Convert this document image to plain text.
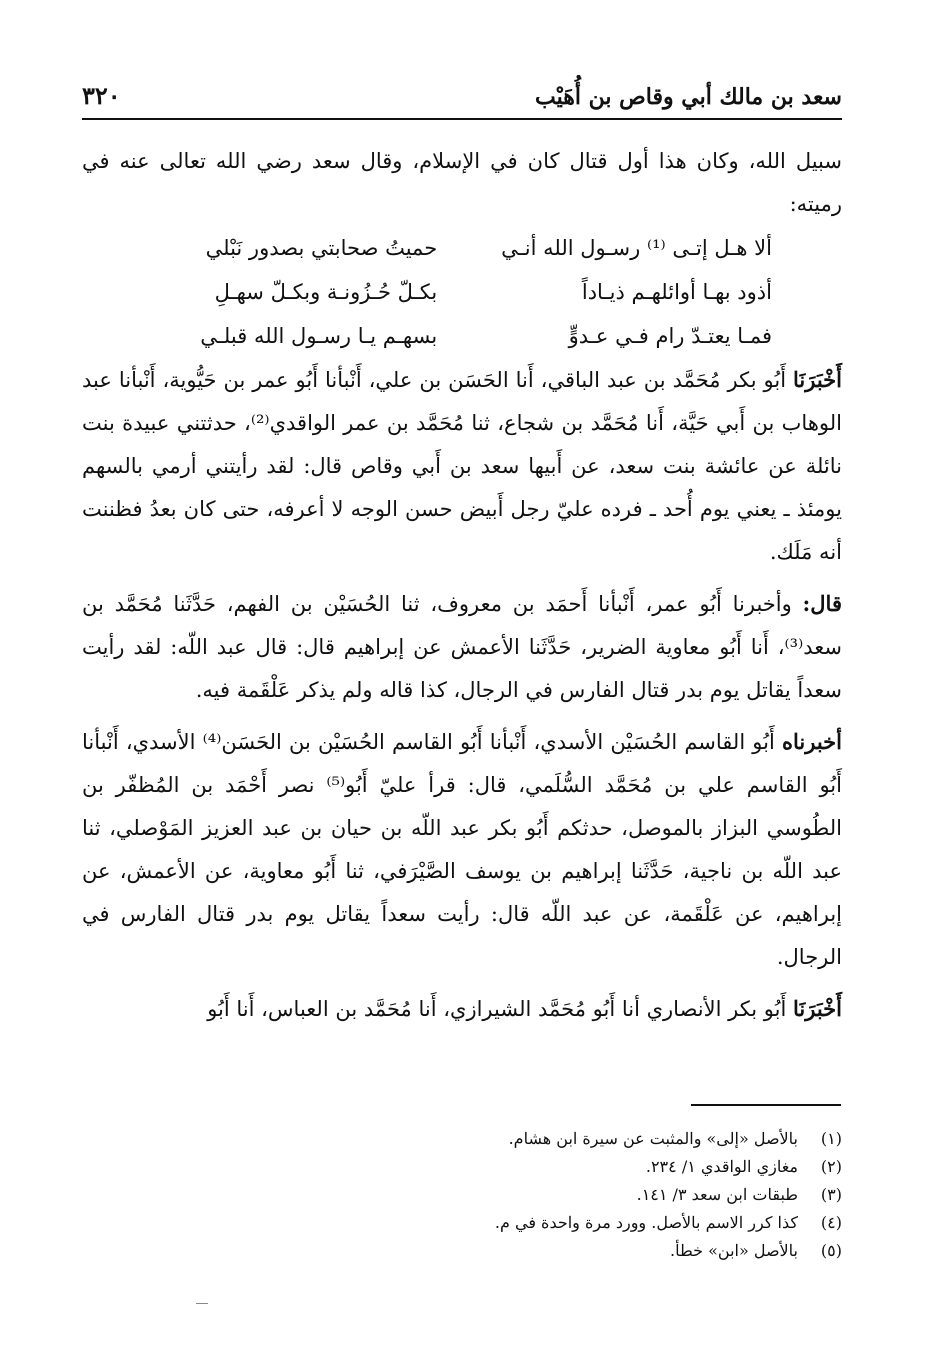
٣٢٠	سعد بن مالك أبي وقاص بن أُهَيْب

سبيل الله، وكان هذا أول قتال كان في الإسلام، وقال سعد رضي الله تعالى عنه في رميته:

ألا هـل إتـى ⁽¹⁾ رسـول الله أنـي
حميتُ صحابتي بصدور نَبْلي
أذود بهـا أوائلهـم ذيـاداً
بكـلّ حُـزُونـة وبكـلّ سهـلِ
فمـا يعتـدّ رام فـي عـدوٍّ
بسهـم يـا رسـول الله قبلـي

أَخْبَرَنَا أَبُو بكر مُحَمَّد بن عبد الباقي، أَنا الحَسَن بن علي، أَنْبأنا أَبُو عمر بن حَيُّوية، أَنْبأنا عبد الوهاب بن أَبي حَيَّة، أَنا مُحَمَّد بن شجاع، ثنا مُحَمَّد بن عمر الواقدي⁽²⁾، حدثتني عبيدة بنت نائلة عن عائشة بنت سعد، عن أَبيها سعد بن أَبي وقاص قال: لقد رأيتني أرمي بالسهم يومئذ ـ يعني يوم أُحد ـ فرده عليّ رجل أَبيض حسن الوجه لا أعرفه، حتى كان بعدُ فظننت أنه مَلَك.

قال: وأخبرنا أَبُو عمر، أَنْبأنا أَحمَد بن معروف، ثنا الحُسَيْن بن الفهم، حَدَّثَنا مُحَمَّد بن سعد⁽³⁾، أَنا أَبُو معاوية الضرير، حَدَّثَنا الأعمش عن إبراهيم قال: قال عبد اللّه: لقد رأيت سعداً يقاتل يوم بدر قتال الفارس في الرجال، كذا قاله ولم يذكر عَلْقَمة فيه.

أخبرناه أَبُو القاسم الحُسَيْن الأسدي، أَنْبأنا أَبُو القاسم الحُسَيْن بن الحَسَن⁽⁴⁾ الأسدي، أَنْبأنا أَبُو القاسم علي بن مُحَمَّد السُّلَمي، قال: قرأ عليّ أَبُو⁽⁵⁾ نصر أَحْمَد بن المُظفّر بن الطُوسي البزاز بالموصل، حدثكم أَبُو بكر عبد اللّه بن حيان بن عبد العزيز المَوْصلي، ثنا عبد اللّه بن ناجية، حَدَّثَنا إبراهيم بن يوسف الصَّيْرَفي، ثنا أَبُو معاوية، عن الأعمش، عن إبراهيم، عن عَلْقَمة، عن عبد اللّه قال: رأيت سعداً يقاتل يوم بدر قتال الفارس في الرجال.

أَخْبَرَنَا أَبُو بكر الأنصاري أنا أَبُو مُحَمَّد الشيرازي، أَنا مُحَمَّد بن العباس، أَنا أَبُو

(١)
بالأصل «إلى» والمثبت عن سيرة ابن هشام.
(٢)
مغازي الواقدي ١/ ٢٣٤.
(٣)
طبقات ابن سعد ٣/ ١٤١.
(٤)
كذا كرر الاسم بالأصل. وورد مرة واحدة في م.
(٥)
بالأصل «ابن» خطأ.
